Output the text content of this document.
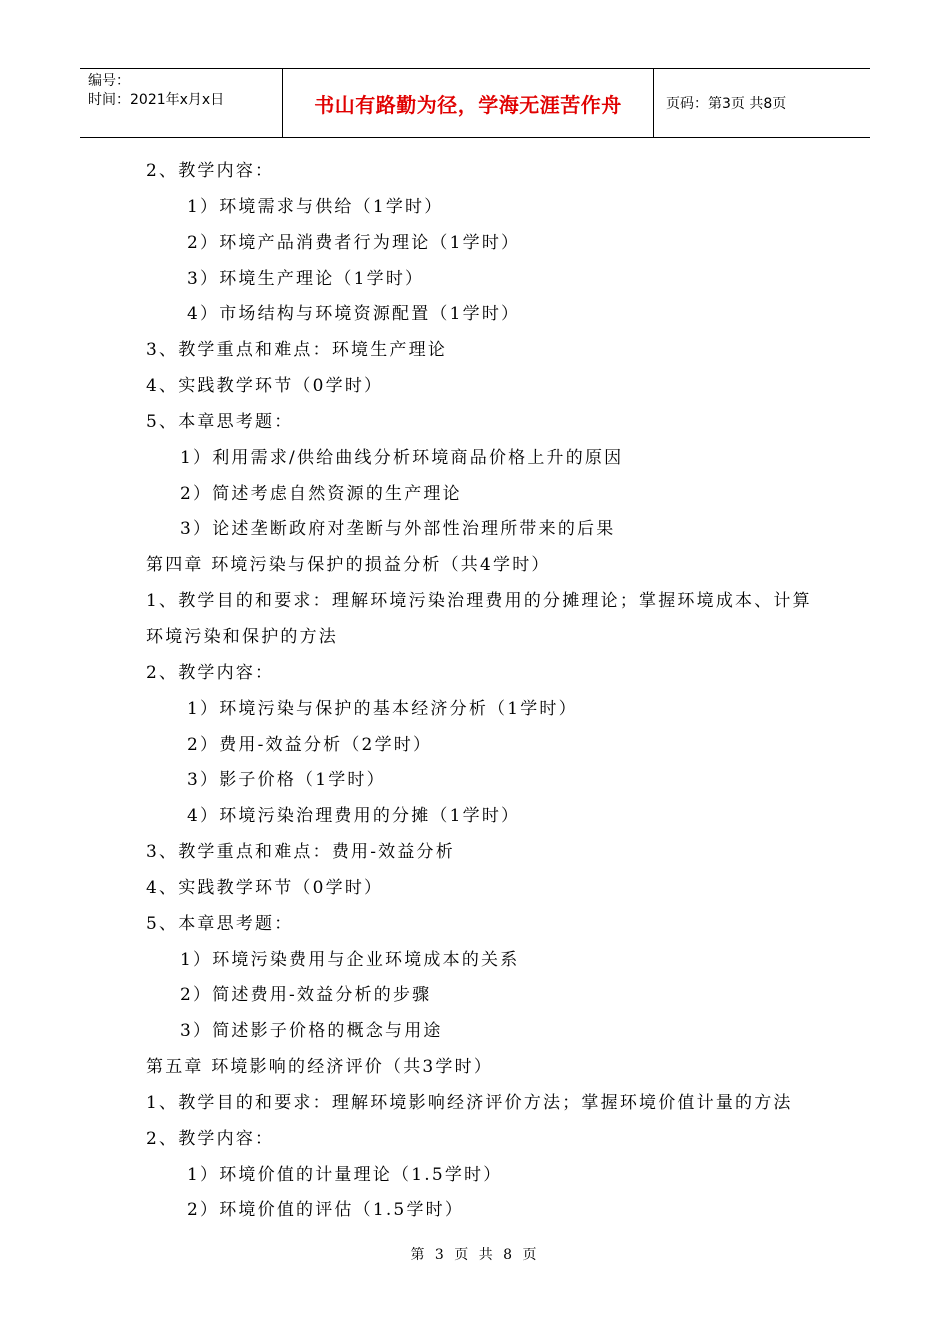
编号：
时间：2021年x月x日	书山有路勤为径，学海无涯苦作舟	页码：第3页 共8页
2、教学内容：
1）环境需求与供给（1学时）
2）环境产品消费者行为理论（1学时）
3）环境生产理论（1学时）
4）市场结构与环境资源配置（1学时）
3、教学重点和难点：环境生产理论
4、实践教学环节（0学时）
5、本章思考题：
1）利用需求/供给曲线分析环境商品价格上升的原因
2）简述考虑自然资源的生产理论
3）论述垄断政府对垄断与外部性治理所带来的后果
第四章 环境污染与保护的损益分析（共4学时）
1、教学目的和要求：理解环境污染治理费用的分摊理论；掌握环境成本、计算
环境污染和保护的方法
2、教学内容：
1）环境污染与保护的基本经济分析（1学时）
2）费用-效益分析（2学时）
3）影子价格（1学时）
4）环境污染治理费用的分摊（1学时）
3、教学重点和难点：费用-效益分析
4、实践教学环节（0学时）
5、本章思考题：
1）环境污染费用与企业环境成本的关系
2）简述费用-效益分析的步骤
3）简述影子价格的概念与用途
第五章 环境影响的经济评价（共3学时）
1、教学目的和要求：理解环境影响经济评价方法；掌握环境价值计量的方法
2、教学内容：
1）环境价值的计量理论（1.5学时）
2）环境价值的评估（1.5学时）
第 3 页 共 8 页
